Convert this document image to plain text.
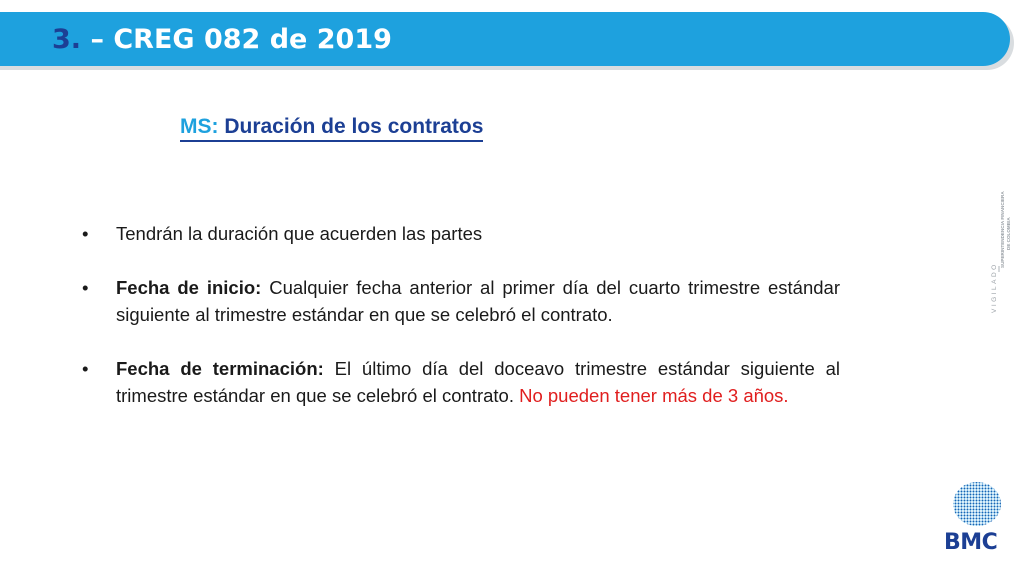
3. – CREG 082 de 2019
MS: Duración de los contratos
• Tendrán la duración que acuerden las partes
• Fecha de inicio: Cualquier fecha anterior al primer día del cuarto trimestre estándar siguiente al trimestre estándar en que se celebró el contrato.
• Fecha de terminación: El último día del doceavo trimestre estándar siguiente al trimestre estándar en que se celebró el contrato. No pueden tener más de 3 años.
VIGILADO
SUPERINTENDENCIA FINANCIERA DE COLOMBIA
BMC
